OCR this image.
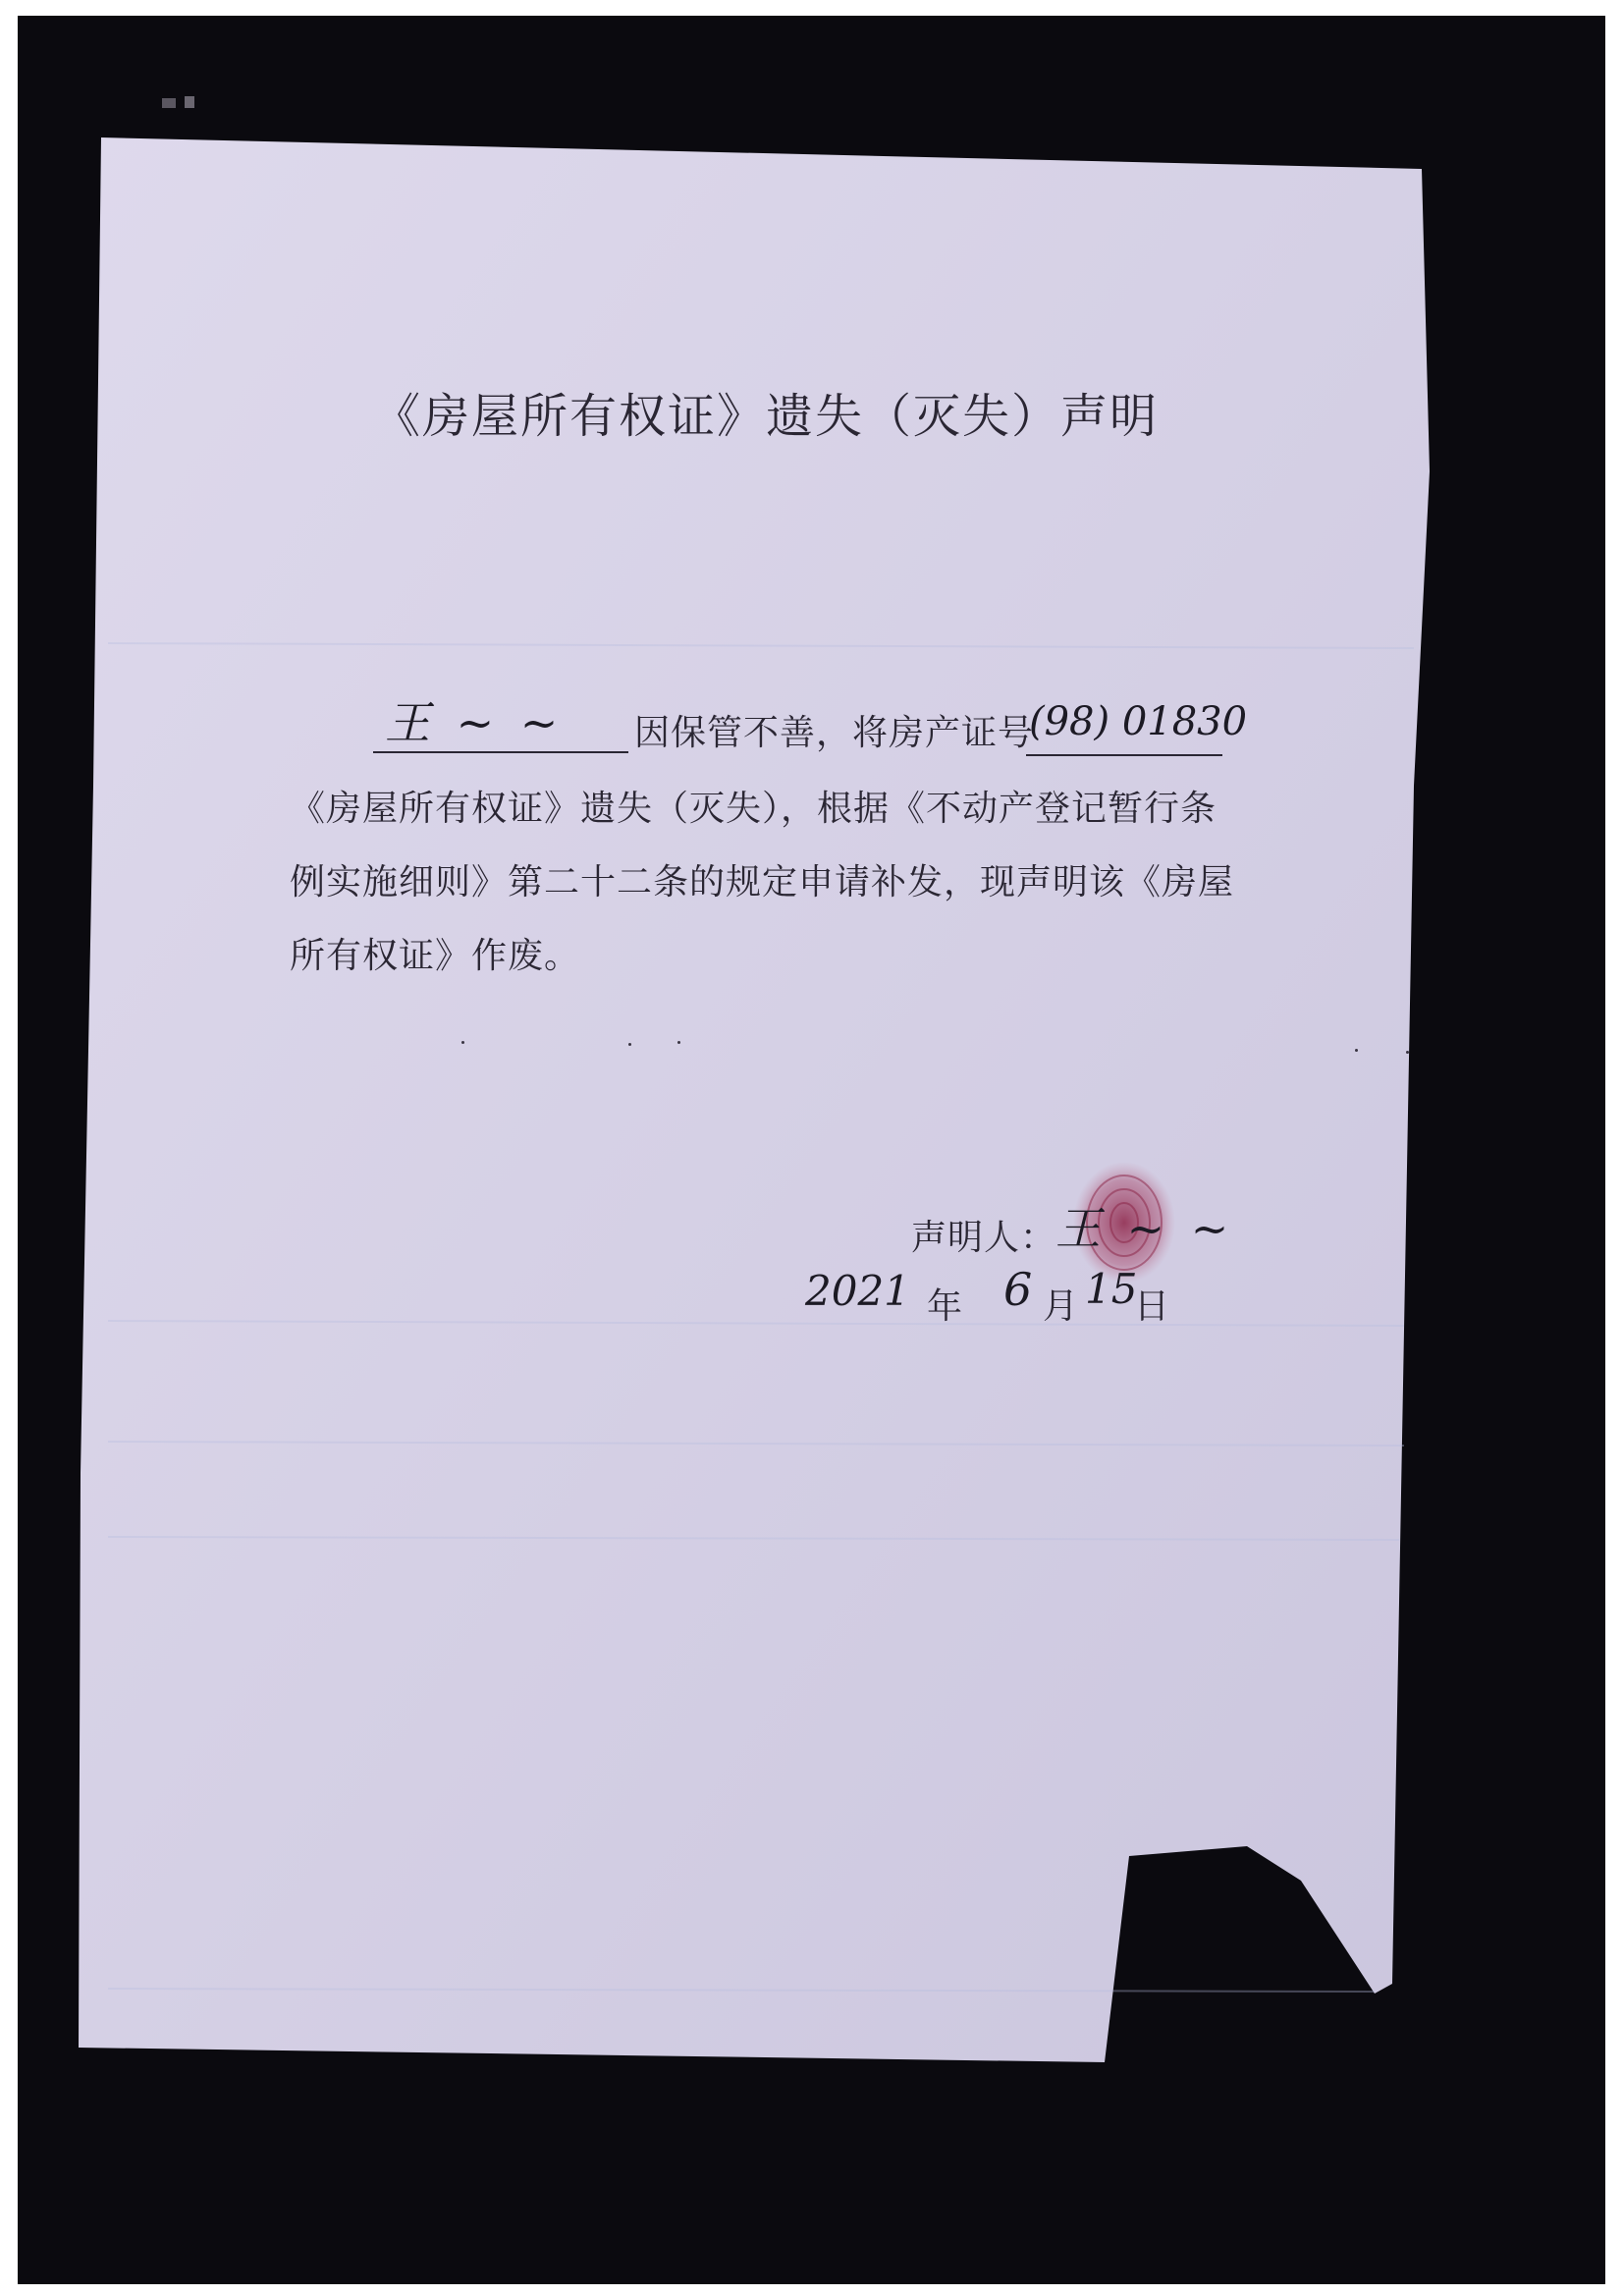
《房屋所有权证》遗失（灭失）声明
王 ~ ~ 因保管不善，将房产证号
(98) 01830
《房屋所有权证》遗失（灭失），根据《不动产登记暂行条
例实施细则》第二十二条的规定申请补发，现声明该《房屋
所有权证》作废。
声明人：
王 ~ ~
2021 年 6 月 15
日
